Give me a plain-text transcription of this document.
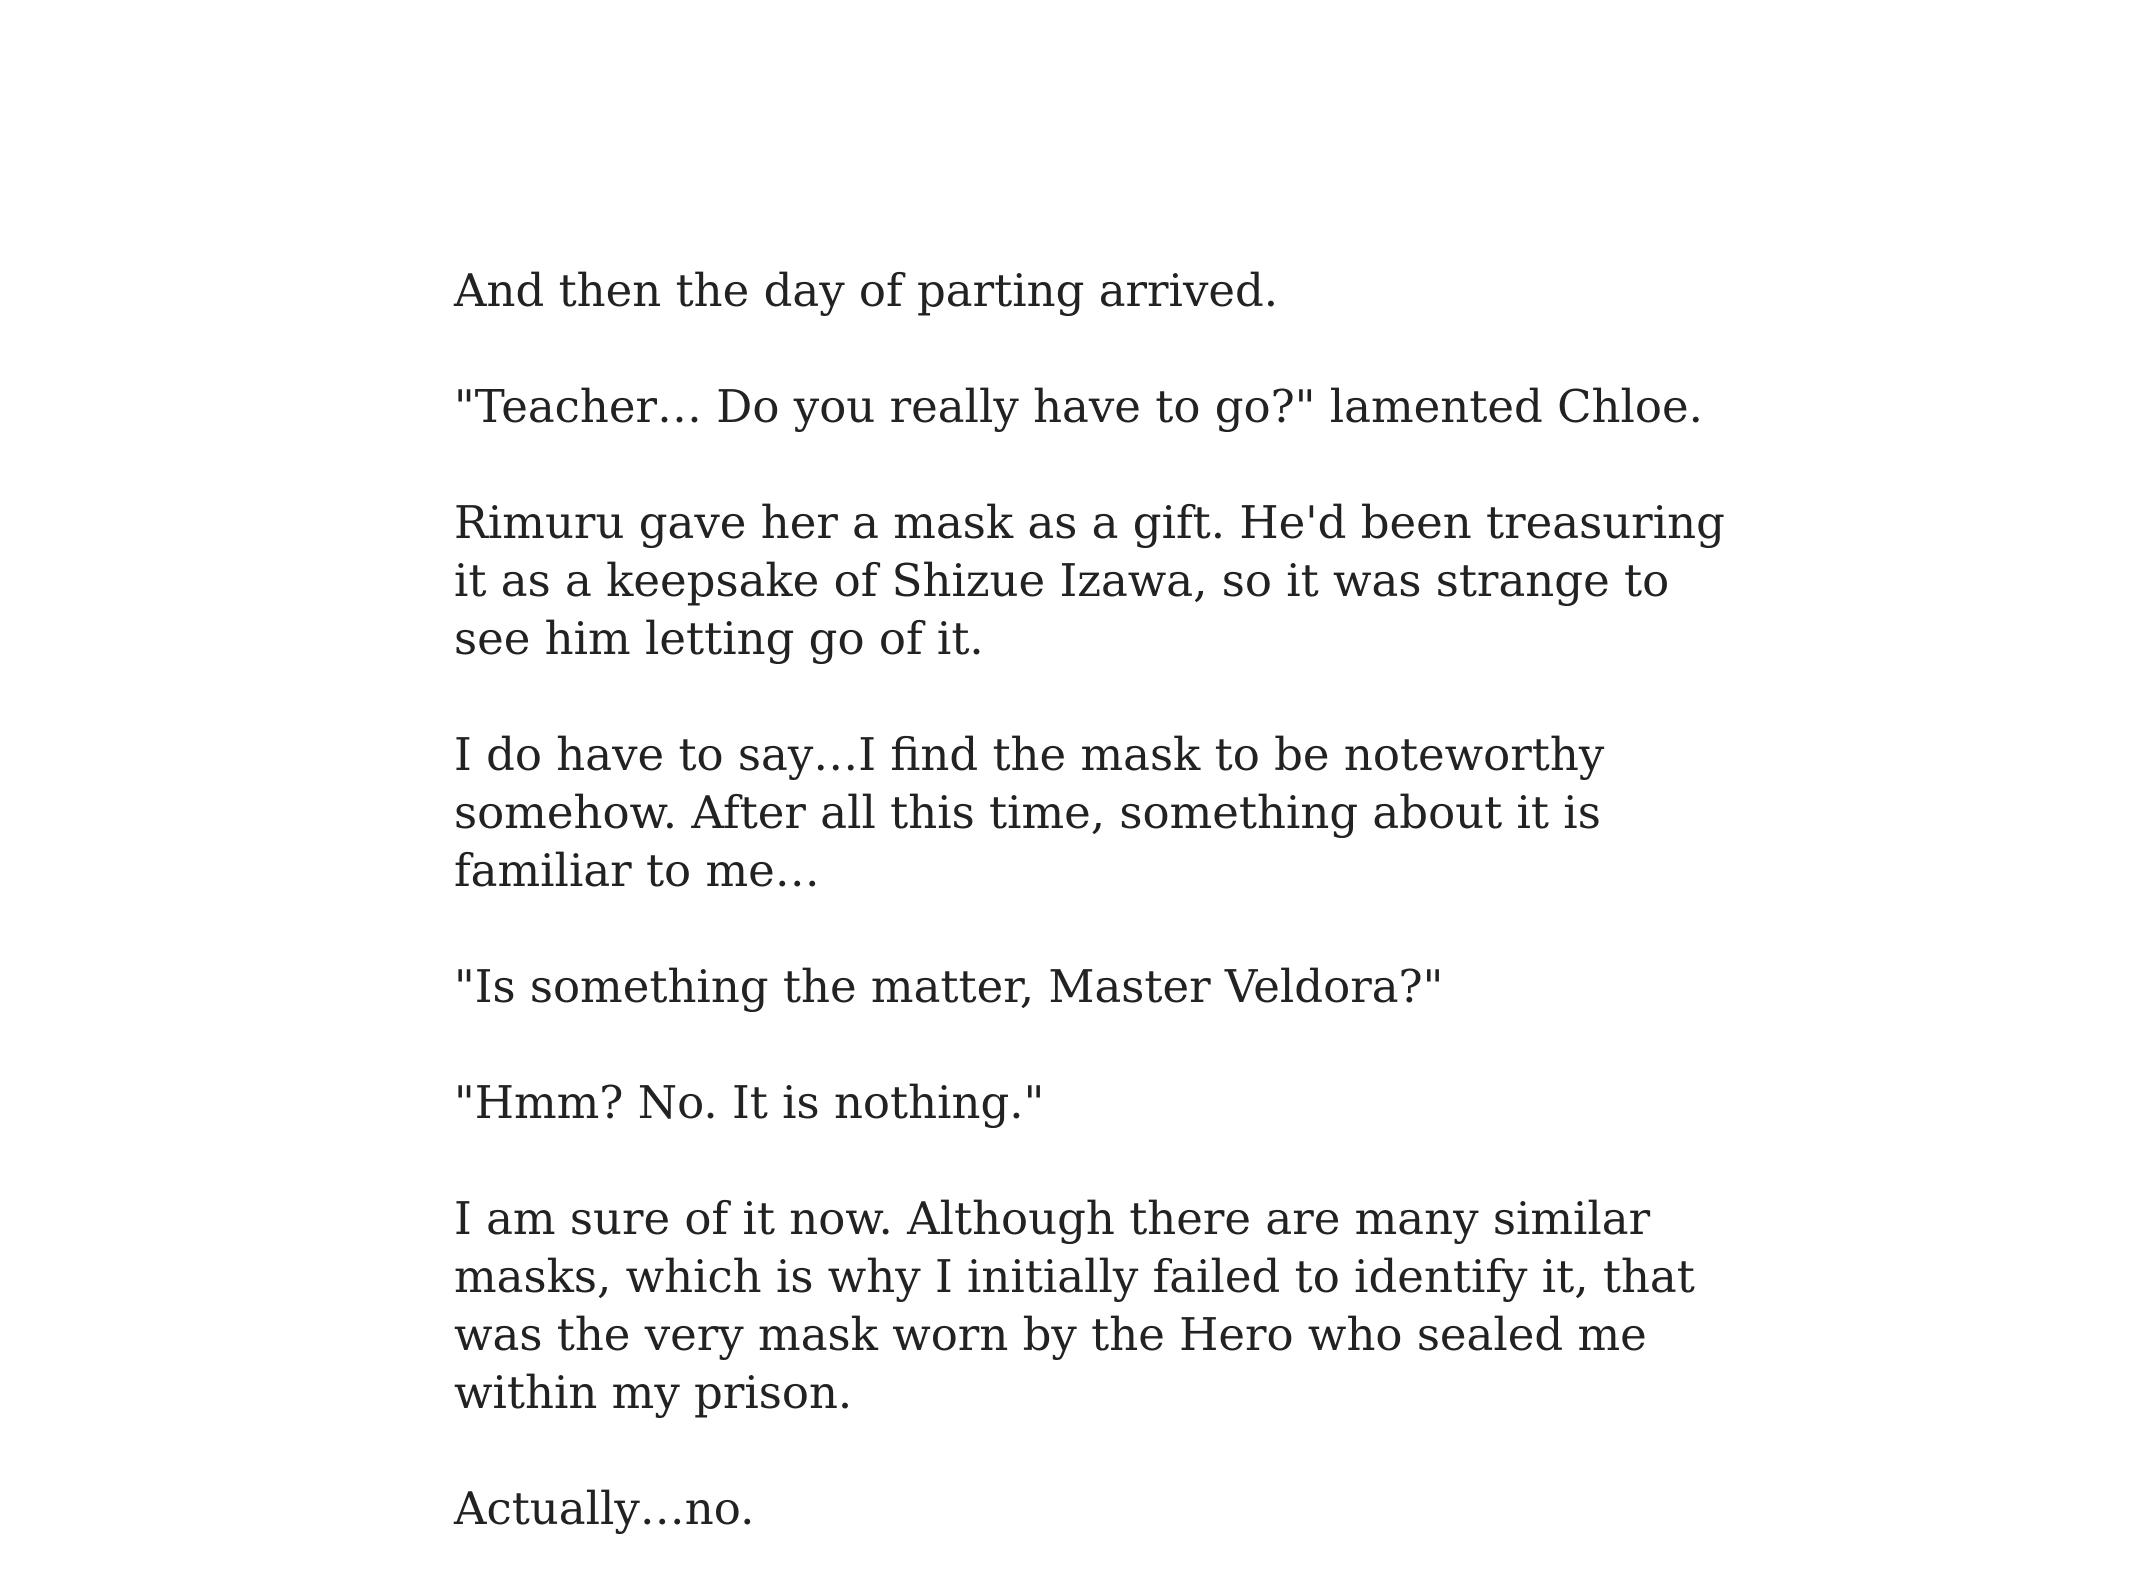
And then the day of parting arrived.

"Teacher… Do you really have to go?" lamented Chloe.

Rimuru gave her a mask as a gift. He'd been treasuring it as a keepsake of Shizue Izawa, so it was strange to see him letting go of it.

I do have to say…I find the mask to be noteworthy somehow. After all this time, something about it is familiar to me…

"Is something the matter, Master Veldora?"

"Hmm? No. It is nothing."

I am sure of it now. Although there are many similar masks, which is why I initially failed to identify it, that was the very mask worn by the Hero who sealed me within my prison.

Actually…no.
